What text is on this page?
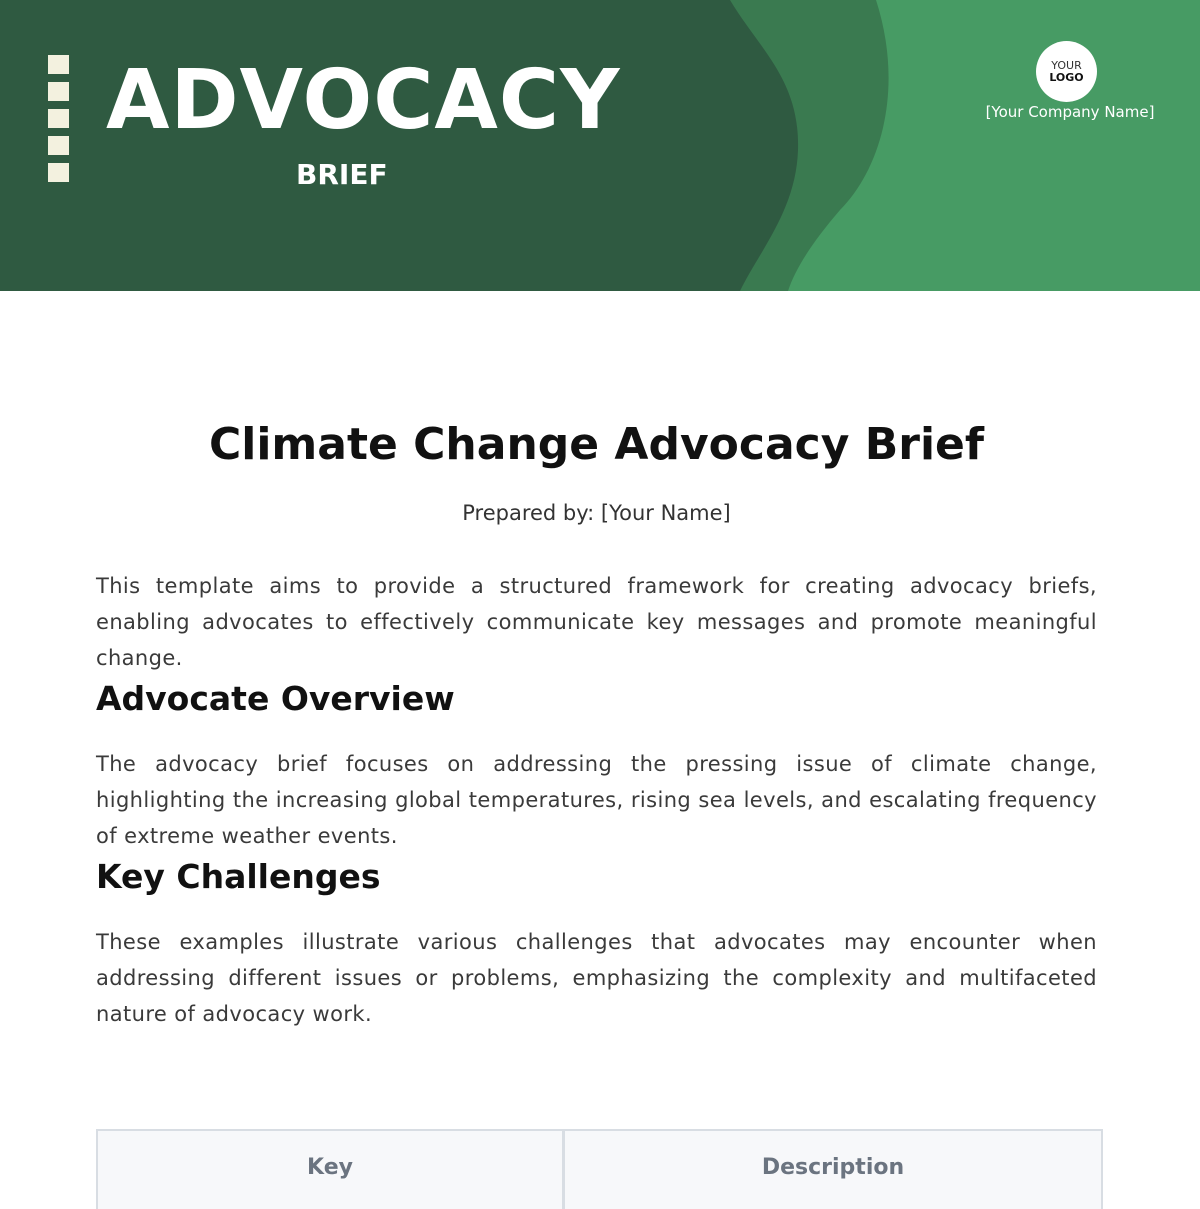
ADVOCACY
BRIEF
YOUR
LOGO
[Your Company Name]
Climate Change Advocacy Brief
Prepared by: [Your Name]

This template aims to provide a structured framework for creating advocacy briefs, enabling advocates to effectively communicate key messages and promote meaningful change.

Advocate Overview

The advocacy brief focuses on addressing the pressing issue of climate change, highlighting the increasing global temperatures, rising sea levels, and escalating frequency of extreme weather events.

Key Challenges

These examples illustrate various challenges that advocates may encounter when addressing different issues or problems, emphasizing the complexity and multifaceted nature of advocacy work.

Key	Description
